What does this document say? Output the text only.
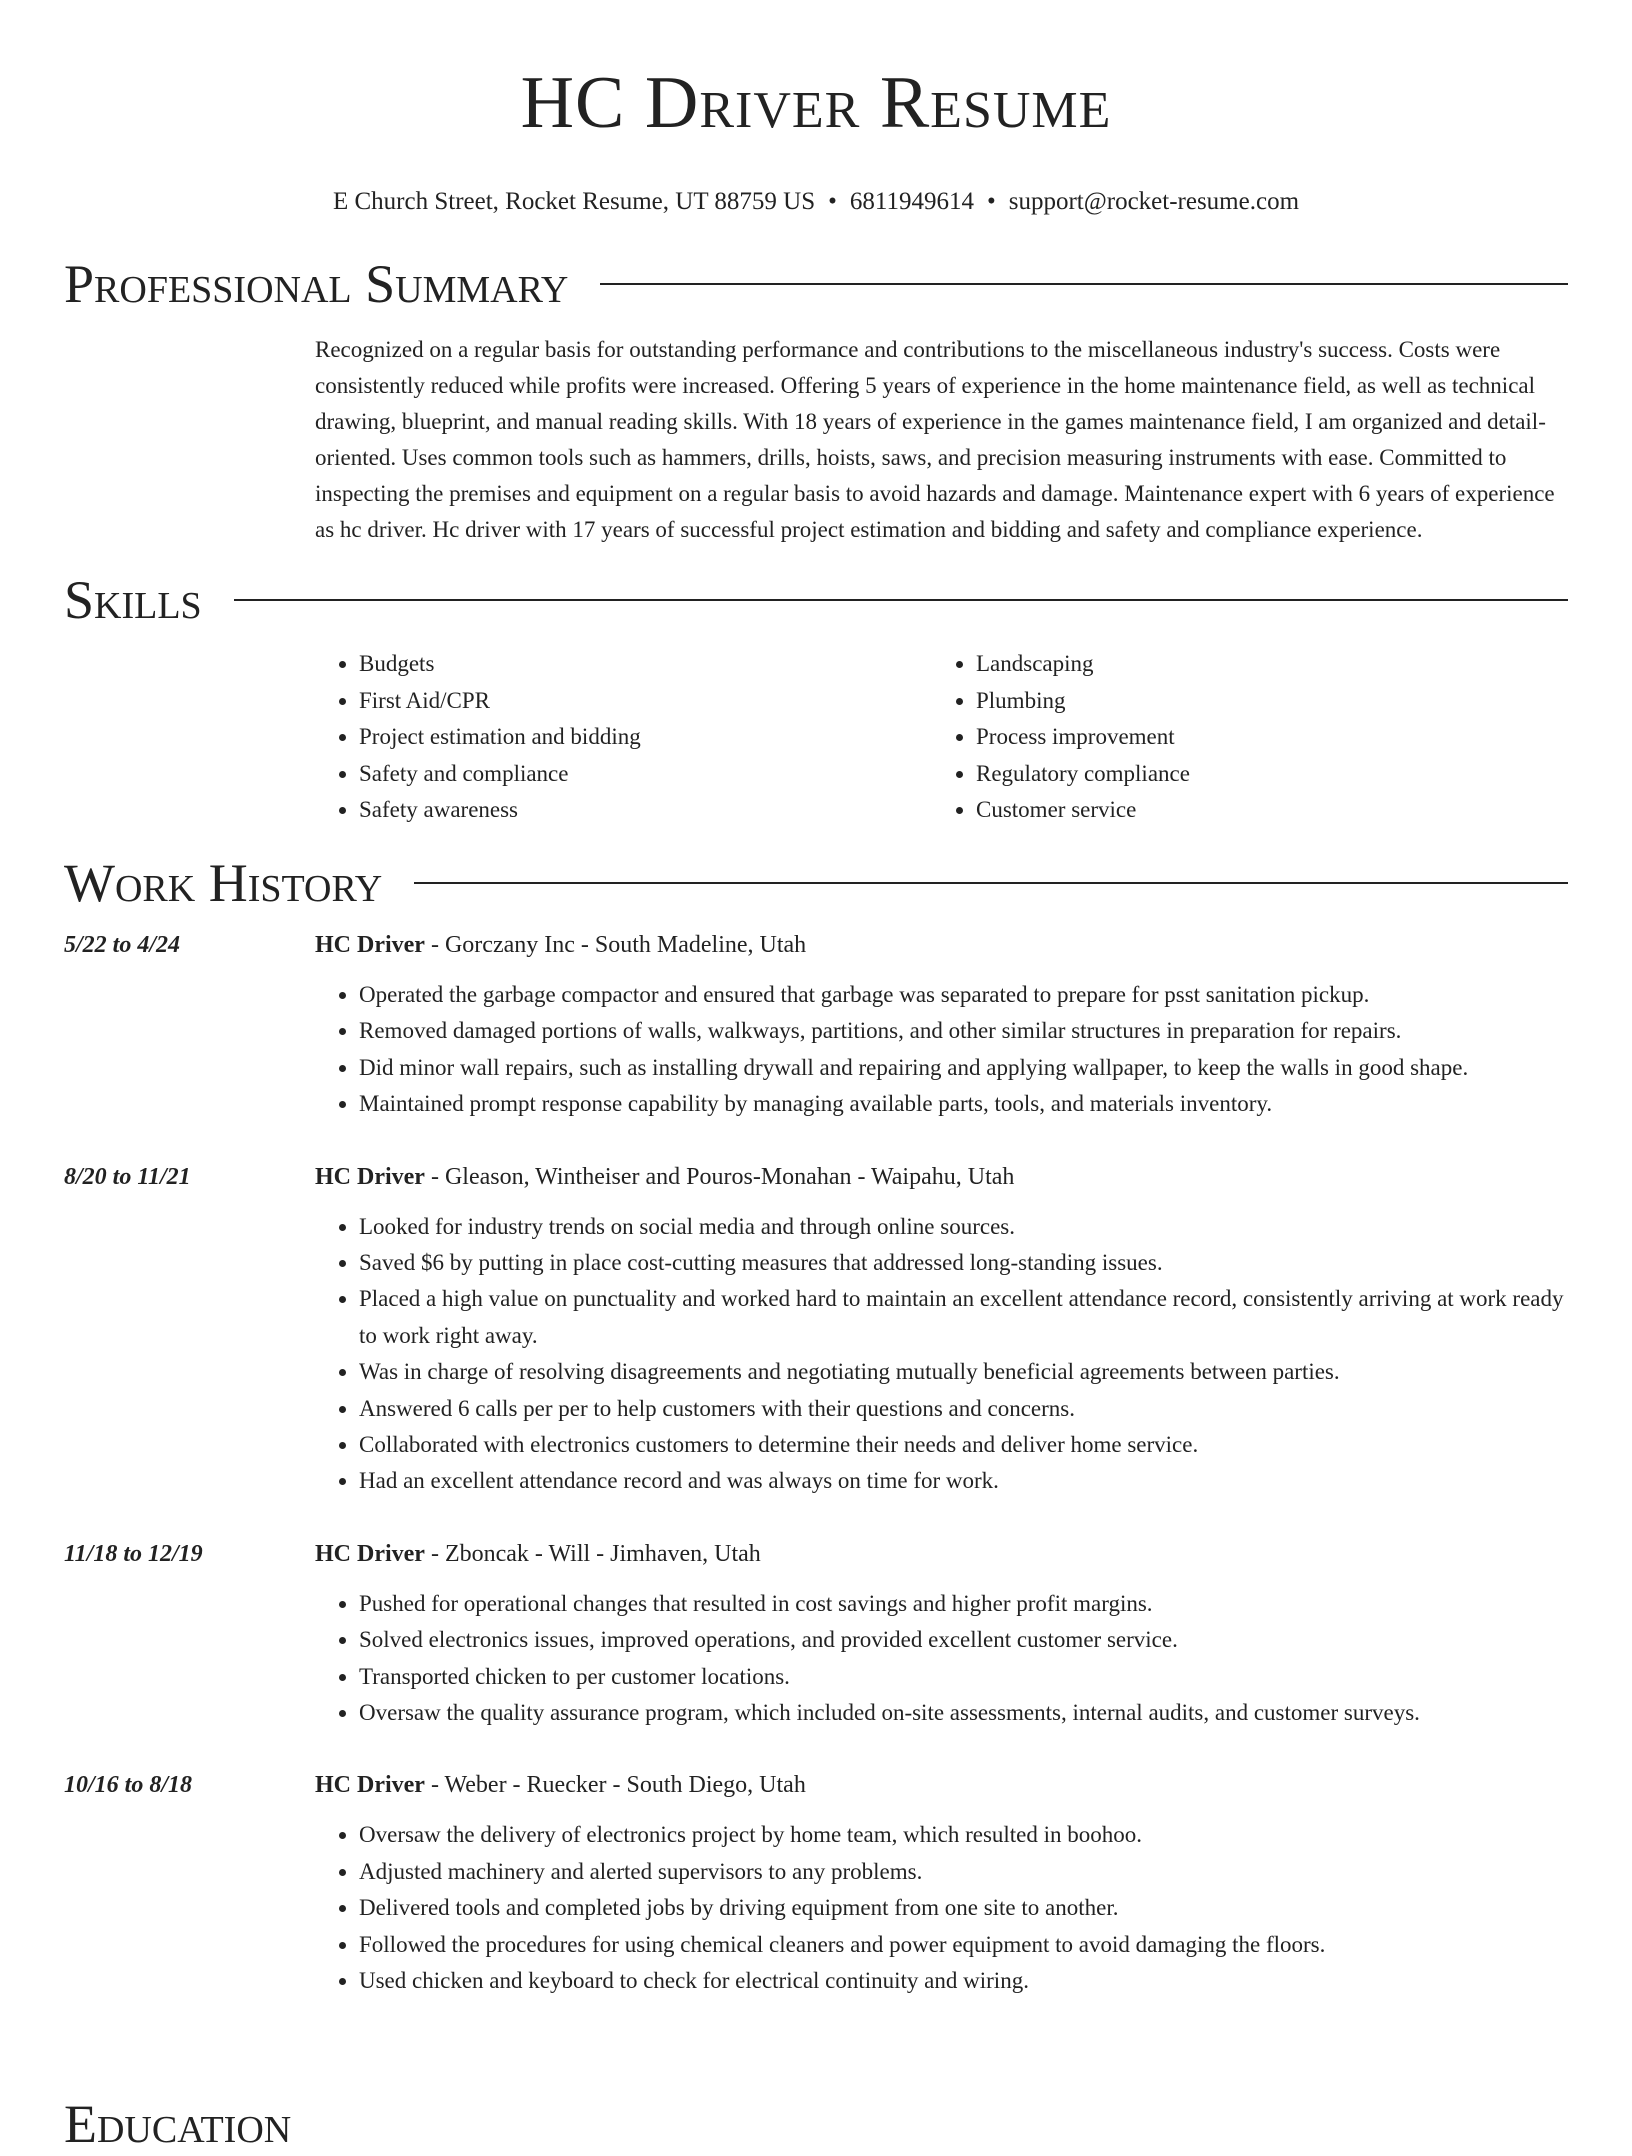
HC Driver Resume
E Church Street, Rocket Resume, UT 88759 US • 6811949614 • support@rocket-resume.com
Professional Summary
Recognized on a regular basis for outstanding performance and contributions to the miscellaneous industry's success. Costs were consistently reduced while profits were increased. Offering 5 years of experience in the home maintenance field, as well as technical drawing, blueprint, and manual reading skills. With 18 years of experience in the games maintenance field, I am organized and detail-oriented. Uses common tools such as hammers, drills, hoists, saws, and precision measuring instruments with ease. Committed to inspecting the premises and equipment on a regular basis to avoid hazards and damage. Maintenance expert with 6 years of experience as hc driver. Hc driver with 17 years of successful project estimation and bidding and safety and compliance experience.
Skills
• Budgets
• First Aid/CPR
• Project estimation and bidding
• Safety and compliance
• Safety awareness
• Landscaping
• Plumbing
• Process improvement
• Regulatory compliance
• Customer service
Work History
5/22 to 4/24	HC Driver - Gorczany Inc - South Madeline, Utah
• Operated the garbage compactor and ensured that garbage was separated to prepare for psst sanitation pickup.
• Removed damaged portions of walls, walkways, partitions, and other similar structures in preparation for repairs.
• Did minor wall repairs, such as installing drywall and repairing and applying wallpaper, to keep the walls in good shape.
• Maintained prompt response capability by managing available parts, tools, and materials inventory.
8/20 to 11/21	HC Driver - Gleason, Wintheiser and Pouros-Monahan - Waipahu, Utah
• Looked for industry trends on social media and through online sources.
• Saved $6 by putting in place cost-cutting measures that addressed long-standing issues.
• Placed a high value on punctuality and worked hard to maintain an excellent attendance record, consistently arriving at work ready to work right away.
• Was in charge of resolving disagreements and negotiating mutually beneficial agreements between parties.
• Answered 6 calls per per to help customers with their questions and concerns.
• Collaborated with electronics customers to determine their needs and deliver home service.
• Had an excellent attendance record and was always on time for work.
11/18 to 12/19	HC Driver - Zboncak - Will - Jimhaven, Utah
• Pushed for operational changes that resulted in cost savings and higher profit margins.
• Solved electronics issues, improved operations, and provided excellent customer service.
• Transported chicken to per customer locations.
• Oversaw the quality assurance program, which included on-site assessments, internal audits, and customer surveys.
10/16 to 8/18	HC Driver - Weber - Ruecker - South Diego, Utah
• Oversaw the delivery of electronics project by home team, which resulted in boohoo.
• Adjusted machinery and alerted supervisors to any problems.
• Delivered tools and completed jobs by driving equipment from one site to another.
• Followed the procedures for using chemical cleaners and power equipment to avoid damaging the floors.
• Used chicken and keyboard to check for electrical continuity and wiring.
Education
